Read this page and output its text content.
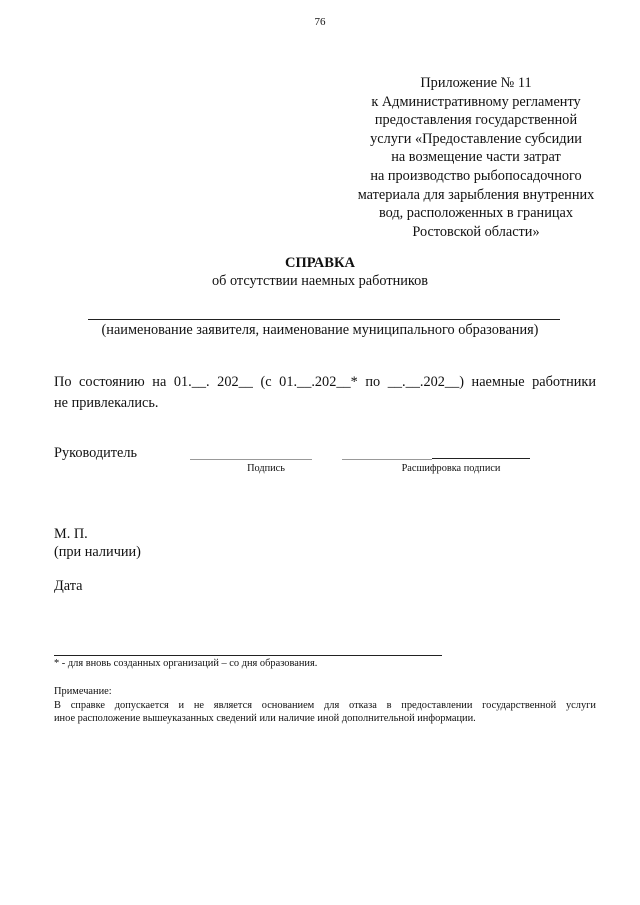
76
Приложение № 11
к Административному регламенту
предоставления государственной
услуги «Предоставление субсидии
на возмещение части затрат
на производство рыбопосадочного
материала для зарыбления внутренних
вод, расположенных в границах
Ростовской области»
СПРАВКА
об отсутствии наемных работников
(наименование заявителя, наименование муниципального образования)
По состоянию на 01.__. 202__ (с 01.__.202__* по __.__.202__) наемные работники
не привлекались.
Руководитель
Подпись	Расшифровка подписи
М. П.
(при наличии)
Дата
* - для вновь созданных организаций – со дня образования.
Примечание:
В справке допускается и не является основанием для отказа в предоставлении государственной услуги
иное расположение вышеуказанных сведений или наличие иной дополнительной информации.
